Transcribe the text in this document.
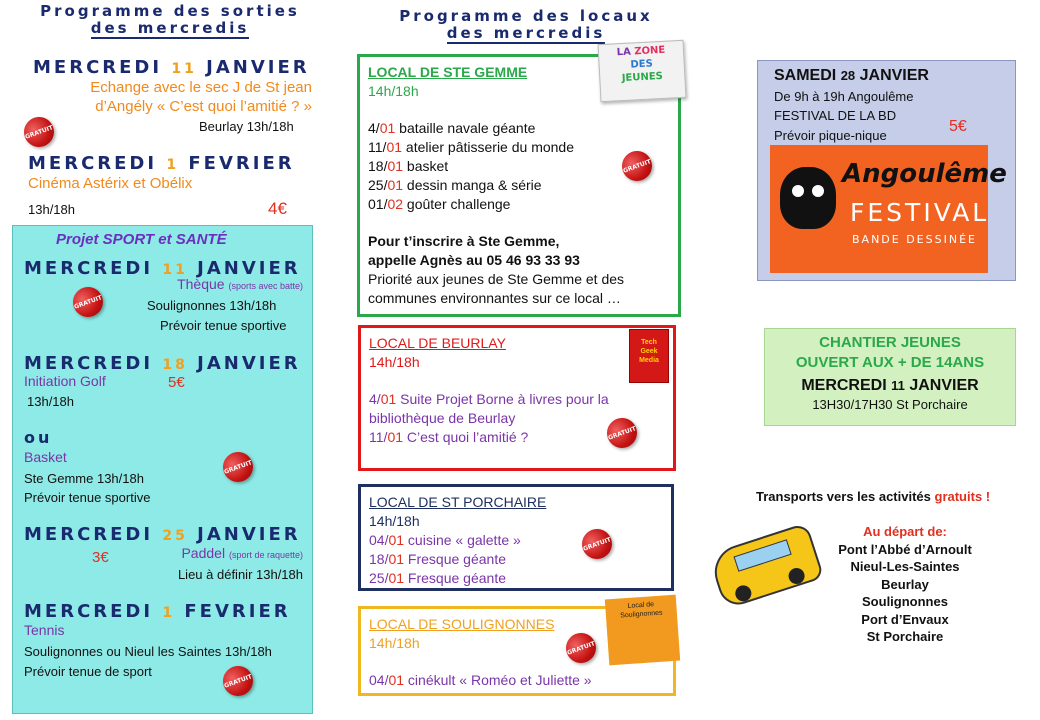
Programme des sorties
des mercredis
MERCREDI 11 JANVIER
Echange avec le sec J de St jean
d’Angély « C’est quoi l’amitié ? »
GRATUIT	Beurlay 13h/18h
MERCREDI 1 FEVRIER
Cinéma Astérix et Obélix
13h/18h	4€
Projet SPORT et SANTÉ
MERCREDI 11 JANVIER
Thèque (sports avec batte)
GRATUIT	Soulignonnes 13h/18h
Prévoir tenue sportive
MERCREDI 18 JANVIER
Initiation Golf	5€
13h/18h
ou
Basket
GRATUIT
Ste Gemme 13h/18h
Prévoir tenue sportive
MERCREDI 25 JANVIER
3€	Paddel (sport de raquette)
Lieu à définir 13h/18h
MERCREDI 1 FEVRIER
Tennis
Soulignonnes ou Nieul les Saintes 13h/18h
Prévoir tenue de sport
GRATUIT
Programme des locaux
des mercredis
LOCAL DE STE GEMME
14h/18h
4/01 bataille navale géante
11/01 atelier pâtisserie du monde
18/01 basket
25/01 dessin manga & série
01/02 goûter challenge
Pour t’inscrire à Ste Gemme,
appelle Agnès au 05 46 93 33 93
Priorité aux jeunes de Ste Gemme et des
communes environnantes sur ce local …
LA ZONE
DES
JEUNES
GRATUIT
LOCAL DE BEURLAY
14h/18h
4/01 Suite Projet Borne à livres pour la
bibliothèque de Beurlay
11/01 C’est quoi l’amitié ?
Tech
Geek
Media
GRATUIT
LOCAL DE ST PORCHAIRE
14h/18h
04/01 cuisine « galette »
18/01 Fresque géante
25/01 Fresque géante
GRATUIT
LOCAL DE SOULIGNONNES
14h/18h
04/01 cinékult « Roméo et Juliette »
Local de
Soulignonnes
GRATUIT
SAMEDI 28 JANVIER
De 9h à 19h Angoulême
FESTIVAL DE LA BD
Prévoir pique-nique
5€
Angoulême
FESTIVAL
BANDE DESSINÉE
CHANTIER JEUNES
OUVERT AUX + DE 14ANS
MERCREDI 11 JANVIER
13H30/17H30 St Porchaire
Transports vers les activités gratuits !
Au départ de:
Pont l’Abbé d’Arnoult
Nieul-Les-Saintes
Beurlay
Soulignonnes
Port d’Envaux
St Porchaire
